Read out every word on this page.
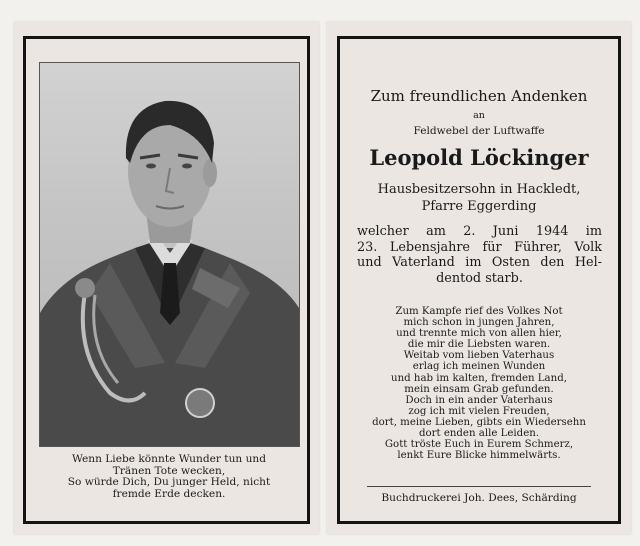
Wenn Liebe könnte Wunder tun und
Tränen Tote wecken,
So würde Dich, Du junger Held, nicht
fremde Erde decken.
Zum freundlichen Andenken
an
Feldwebel der Luftwaffe
Leopold Löckinger
Hausbesitzersohn in Hackledt,
Pfarre Eggerding
welcher am 2. Juni 1944 im
23. Lebensjahre für Führer, Volk
und Vaterland im Osten den Hel-
dentod starb.
Zum Kampfe rief des Volkes Not
mich schon in jungen Jahren,
und trennte mich von allen hier,
die mir die Liebsten waren.
Weitab vom lieben Vaterhaus
erlag ich meinen Wunden
und hab im kalten, fremden Land,
mein einsam Grab gefunden.
Doch in ein ander Vaterhaus
zog ich mit vielen Freuden,
dort, meine Lieben, gibts ein Wiedersehn
dort enden alle Leiden.
Gott tröste Euch in Eurem Schmerz,
lenkt Eure Blicke himmelwärts.
Buchdruckerei Joh. Dees, Schärding
